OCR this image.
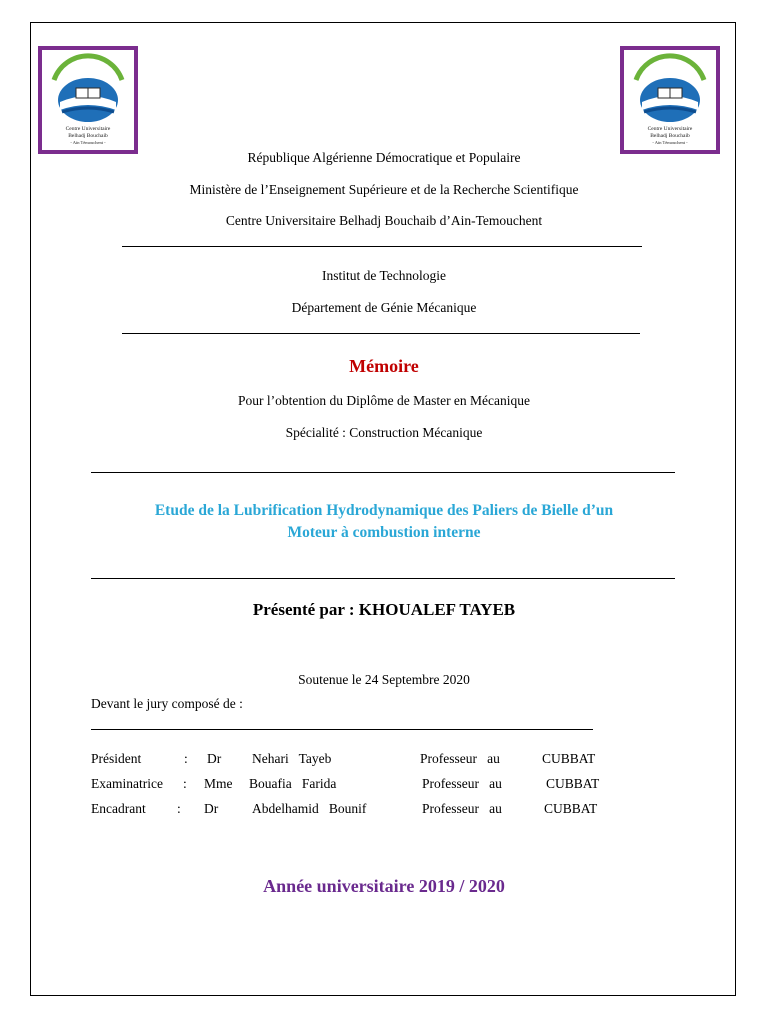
Centre Universitaire
Belhadj Bouchaib
- Aïn Témouchent -
Centre Universitaire
Belhadj Bouchaib
- Aïn Témouchent -
République Algérienne Démocratique et Populaire
Ministère de l’Enseignement Supérieure et de la Recherche Scientifique
Centre Universitaire Belhadj Bouchaib d’Ain-Temouchent
Institut de Technologie
Département de Génie Mécanique
Mémoire
Pour l’obtention du Diplôme de Master en Mécanique
Spécialité : Construction Mécanique
Etude de la Lubrification Hydrodynamique des Paliers de Bielle d’un
Moteur à combustion interne
Présenté par : KHOUALEF TAYEB
Soutenue le 24 Septembre 2020
Devant le jury composé de :
Président	: Dr Nehari   Tayeb	Professeur   au	CUBBAT
Examinatrice : Mme Bouafia   Farida	Professeur   au	CUBBAT
Encadrant : Dr	Abdelhamid   Bounif	Professeur   au	CUBBAT
Année universitaire 2019 / 2020
